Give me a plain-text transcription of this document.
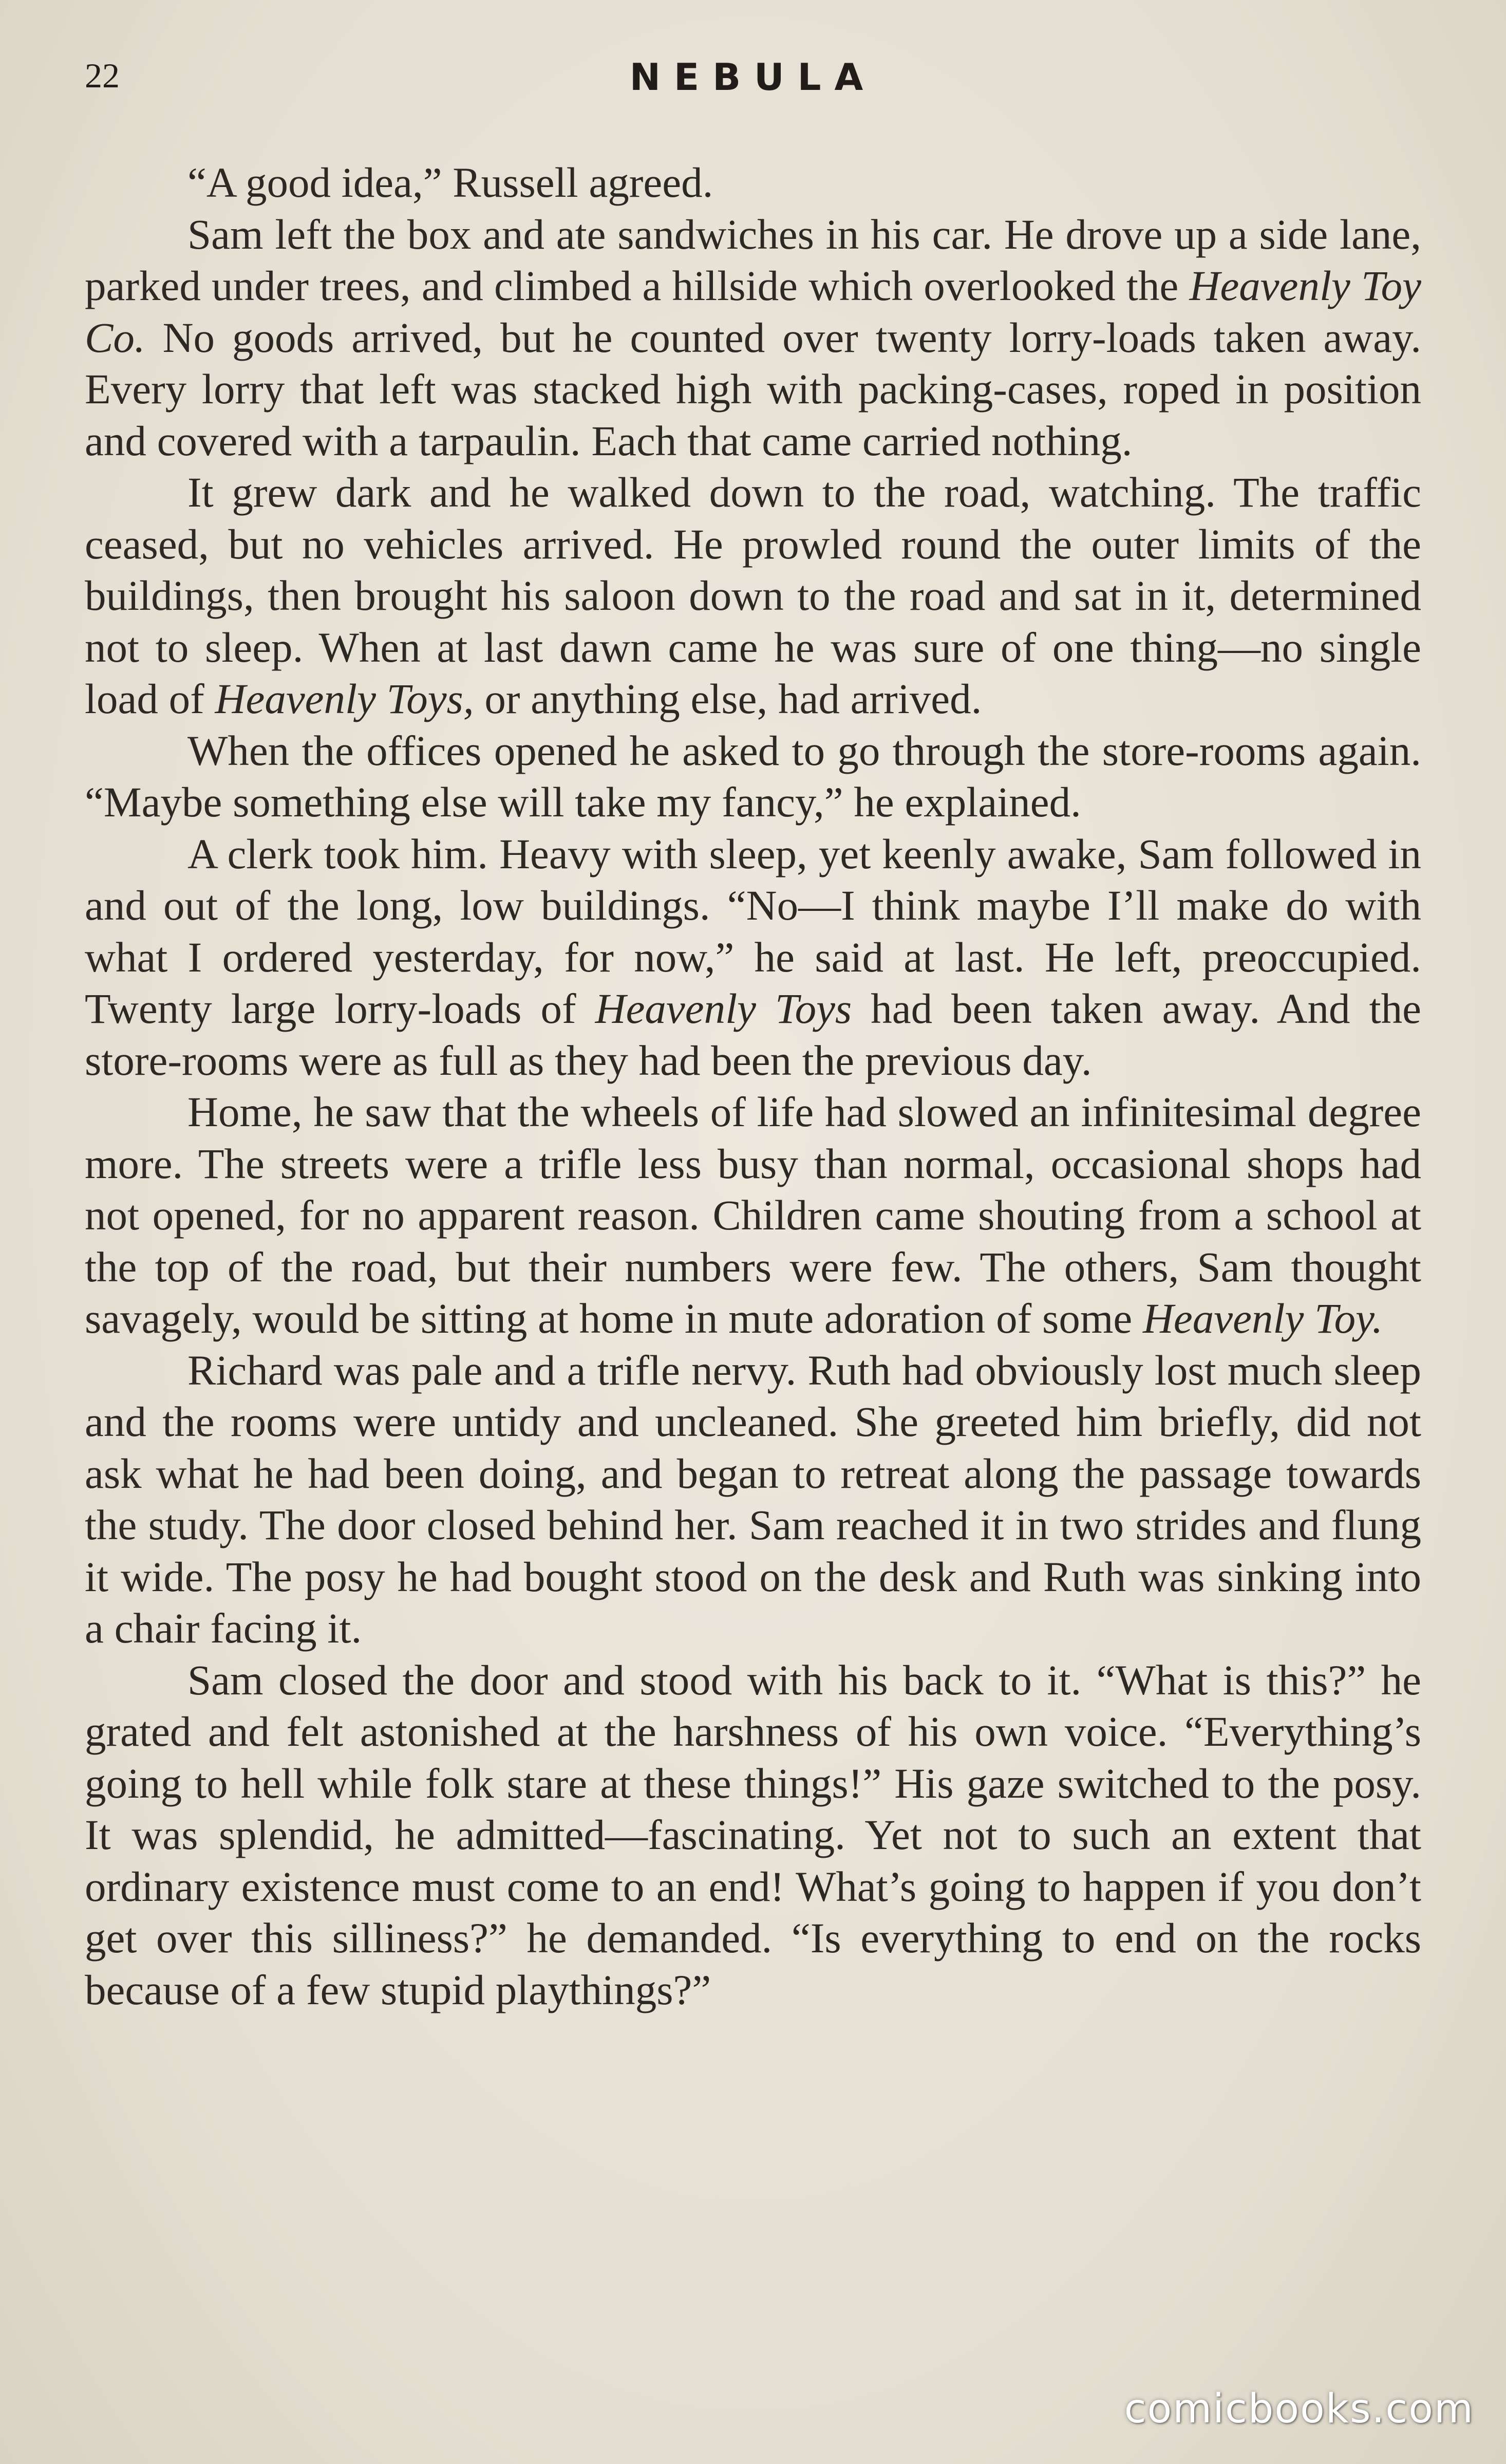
22	NEBULA

“A good idea,” Russell agreed.

Sam left the box and ate sandwiches in his car. He drove up a side lane, parked under trees, and climbed a hillside which overlooked the Heavenly Toy Co. No goods arrived, but he counted over twenty lorry-loads taken away. Every lorry that left was stacked high with packing-cases, roped in position and covered with a tarpaulin. Each that came carried nothing.

It grew dark and he walked down to the road, watching. The traffic ceased, but no vehicles arrived. He prowled round the outer limits of the buildings, then brought his saloon down to the road and sat in it, determined not to sleep. When at last dawn came he was sure of one thing—no single load of Heavenly Toys, or anything else, had arrived.

When the offices opened he asked to go through the store-rooms again. “Maybe something else will take my fancy,” he explained.

A clerk took him. Heavy with sleep, yet keenly awake, Sam followed in and out of the long, low buildings. “No—I think maybe I’ll make do with what I ordered yesterday, for now,” he said at last. He left, preoccupied. Twenty large lorry-loads of Heavenly Toys had been taken away. And the store-rooms were as full as they had been the previous day.

Home, he saw that the wheels of life had slowed an infinitesimal degree more. The streets were a trifle less busy than normal, occasional shops had not opened, for no apparent reason. Children came shouting from a school at the top of the road, but their numbers were few. The others, Sam thought savagely, would be sitting at home in mute adoration of some Heavenly Toy.

Richard was pale and a trifle nervy. Ruth had obviously lost much sleep and the rooms were untidy and uncleaned. She greeted him briefly, did not ask what he had been doing, and began to retreat along the passage towards the study. The door closed behind her. Sam reached it in two strides and flung it wide. The posy he had bought stood on the desk and Ruth was sinking into a chair facing it.

Sam closed the door and stood with his back to it. “What is this?” he grated and felt astonished at the harshness of his own voice. “Everything’s going to hell while folk stare at these things!” His gaze switched to the posy. It was splendid, he admitted—fascinating. Yet not to such an extent that ordinary existence must come to an end! What’s going to happen if you don’t get over this silliness?” he demanded. “Is everything to end on the rocks because of a few stupid playthings?”

comicbooks.com
